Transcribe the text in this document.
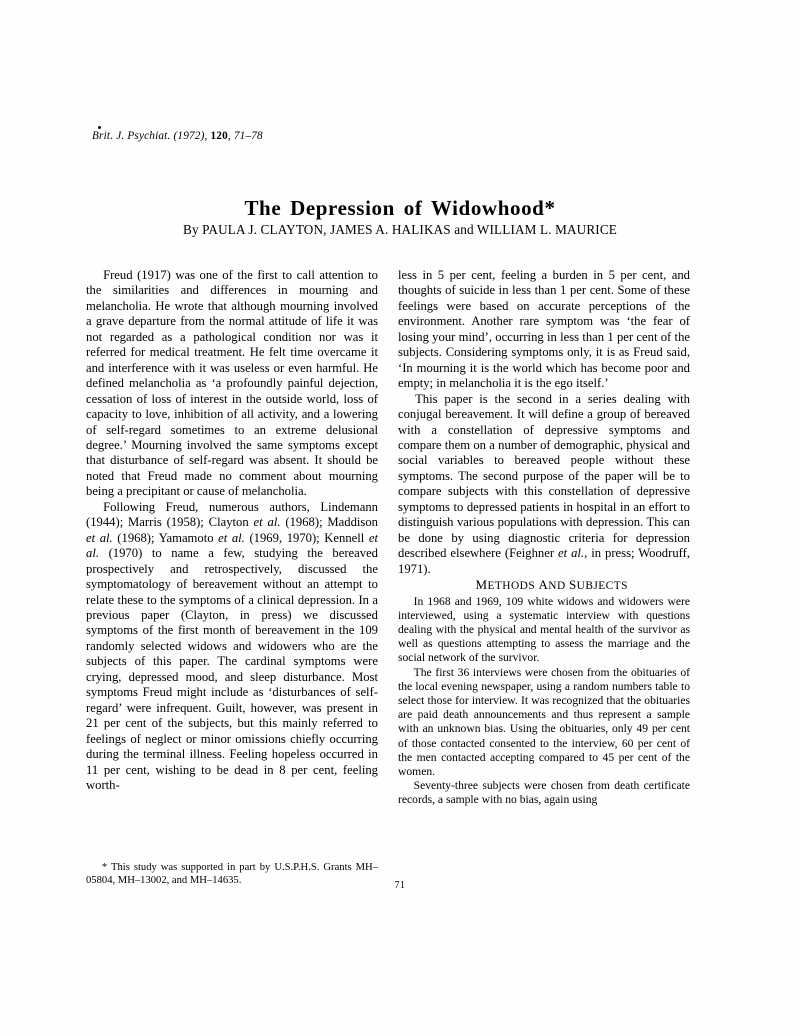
Brit. J. Psychiat. (1972), 120, 71–78
The Depression of Widowhood*
By PAULA J. CLAYTON, JAMES A. HALIKAS and WILLIAM L. MAURICE

Freud (1917) was one of the first to call attention to the similarities and differences in mourning and melancholia. He wrote that although mourning involved a grave departure from the normal attitude of life it was not regarded as a pathological condition nor was it referred for medical treatment. He felt time overcame it and interference with it was useless or even harmful. He defined melancholia as ‘a profoundly painful dejection, cessation of loss of interest in the outside world, loss of capacity to love, inhibition of all activity, and a lowering of self-regard sometimes to an extreme delusional degree.’ Mourning involved the same symptoms except that disturbance of self-regard was absent. It should be noted that Freud made no comment about mourning being a precipitant or cause of melancholia.

Following Freud, numerous authors, Lindemann (1944); Marris (1958); Clayton et al. (1968); Maddison et al. (1968); Yamamoto et al. (1969, 1970); Kennell et al. (1970) to name a few, studying the bereaved prospectively and retrospectively, discussed the symptomatology of bereavement without an attempt to relate these to the symptoms of a clinical depression. In a previous paper (Clayton, in press) we discussed symptoms of the first month of bereavement in the 109 randomly selected widows and widowers who are the subjects of this paper. The cardinal symptoms were crying, depressed mood, and sleep disturbance. Most symptoms Freud might include as ‘disturbances of self-regard’ were infrequent. Guilt, however, was present in 21 per cent of the subjects, but this mainly referred to feelings of neglect or minor omissions chiefly occurring during the terminal illness. Feeling hopeless occurred in 11 per cent, wishing to be dead in 8 per cent, feeling worth-

less in 5 per cent, feeling a burden in 5 per cent, and thoughts of suicide in less than 1 per cent. Some of these feelings were based on accurate perceptions of the environment. Another rare symptom was ‘the fear of losing your mind’, occurring in less than 1 per cent of the subjects. Considering symptoms only, it is as Freud said, ‘In mourning it is the world which has become poor and empty; in melancholia it is the ego itself.’

This paper is the second in a series dealing with conjugal bereavement. It will define a group of bereaved with a constellation of depressive symptoms and compare them on a number of demographic, physical and social variables to bereaved people without these symptoms. The second purpose of the paper will be to compare subjects with this constellation of depressive symptoms to depressed patients in hospital in an effort to distinguish various populations with depression. This can be done by using diagnostic criteria for depression described elsewhere (Feighner et al., in press; Woodruff, 1971).

METHODS AND SUBJECTS

In 1968 and 1969, 109 white widows and widowers were interviewed, using a systematic interview with questions dealing with the physical and mental health of the survivor as well as questions attempting to assess the marriage and the social network of the survivor.

The first 36 interviews were chosen from the obituaries of the local evening newspaper, using a random numbers table to select those for interview. It was recognized that the obituaries are paid death announcements and thus represent a sample with an unknown bias. Using the obituaries, only 49 per cent of those contacted consented to the interview, 60 per cent of the men contacted accepting compared to 45 per cent of the women.

Seventy-three subjects were chosen from death certificate records, a sample with no bias, again using

* This study was supported in part by U.S.P.H.S. Grants MH–05804, MH–13002, and MH–14635.	71
